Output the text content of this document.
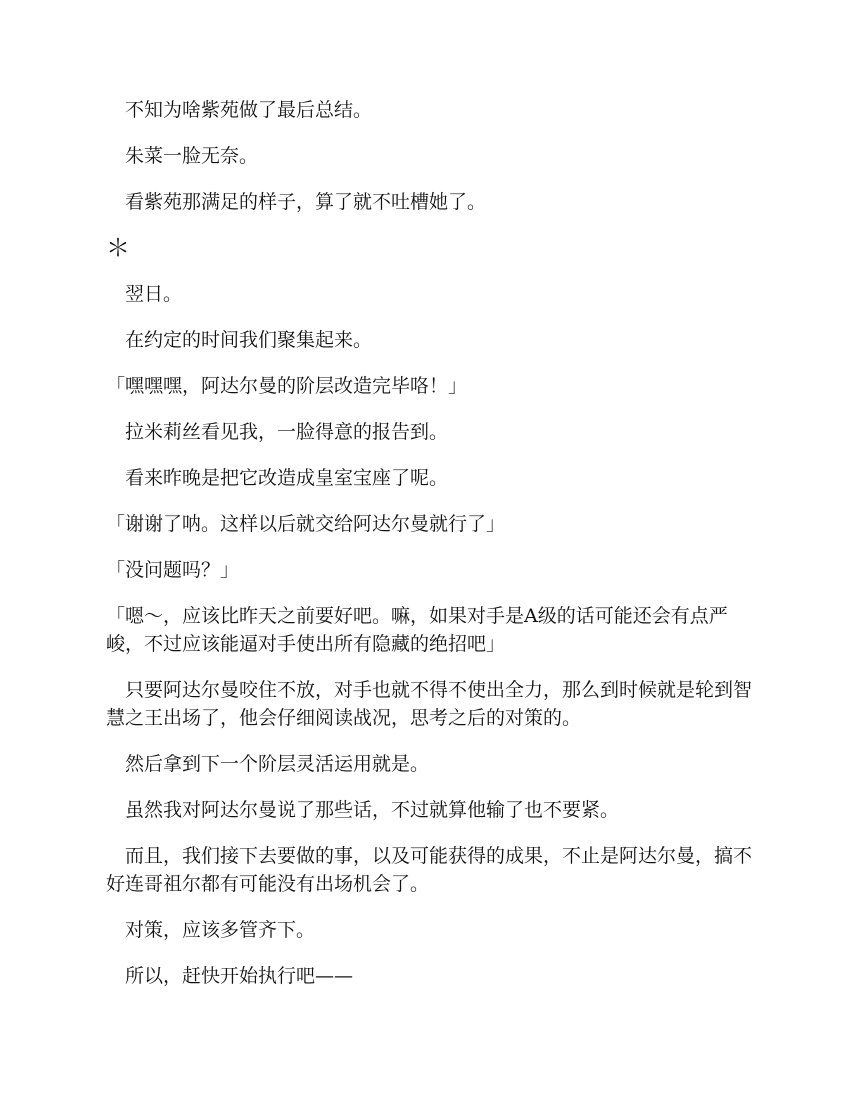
不知为啥紫苑做了最后总结。

朱菜一脸无奈。

看紫苑那满足的样子，算了就不吐槽她了。

＊

翌日。

在约定的时间我们聚集起来。

「嘿嘿嘿，阿达尔曼的阶层改造完毕咯！」

拉米莉丝看见我，一脸得意的报告到。

看来昨晚是把它改造成皇室宝座了呢。

「谢谢了呐。这样以后就交给阿达尔曼就行了」

「没问题吗？」

「嗯～，应该比昨天之前要好吧。嘛，如果对手是A级的话可能还会有点严峻，不过应该能逼对手使出所有隐藏的绝招吧」

只要阿达尔曼咬住不放，对手也就不得不使出全力，那么到时候就是轮到智慧之王出场了，他会仔细阅读战况，思考之后的对策的。

然后拿到下一个阶层灵活运用就是。

虽然我对阿达尔曼说了那些话，不过就算他输了也不要紧。

而且，我们接下去要做的事，以及可能获得的成果，不止是阿达尔曼，搞不好连哥祖尔都有可能没有出场机会了。

对策，应该多管齐下。

所以，赶快开始执行吧——
